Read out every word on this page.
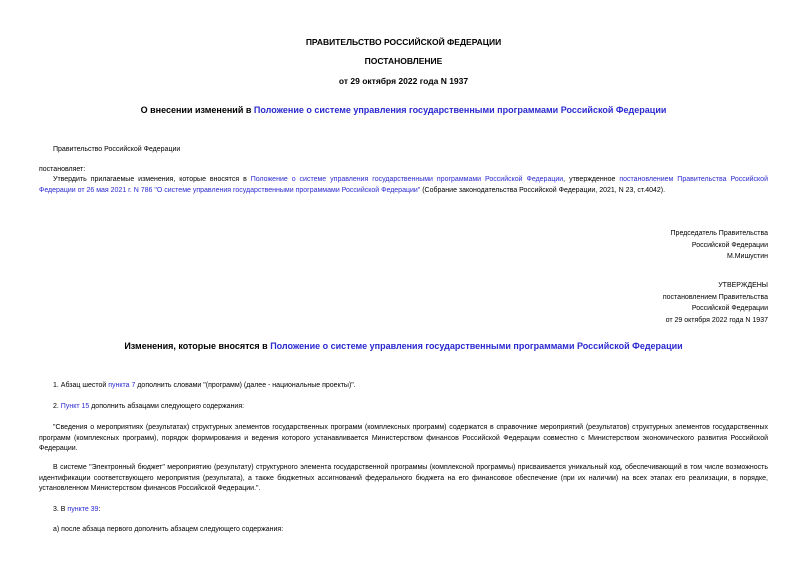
ПРАВИТЕЛЬСТВО РОССИЙСКОЙ ФЕДЕРАЦИИ
ПОСТАНОВЛЕНИЕ
от 29 октября 2022 года N 1937
О внесении изменений в Положение о системе управления государственными программами Российской Федерации
Правительство Российской Федерации
постановляет:
Утвердить прилагаемые изменения, которые вносятся в Положение о системе управления государственными программами Российской Федерации, утвержденное постановлением Правительства Российской Федерации от 26 мая 2021 г. N 786 "О системе управления государственными программами Российской Федерации" (Собрание законодательства Российской Федерации, 2021, N 23, ст.4042).
Председатель Правительства
Российской Федерации
М.Мишустин
УТВЕРЖДЕНЫ
постановлением Правительства
Российской Федерации
от 29 октября 2022 года N 1937
Изменения, которые вносятся в Положение о системе управления государственными программами Российской Федерации
1. Абзац шестой пункта 7 дополнить словами "(программ) (далее - национальные проекты)".
2. Пункт 15 дополнить абзацами следующего содержания:
"Сведения о мероприятиях (результатах) структурных элементов государственных программ (комплексных программ) содержатся в справочнике мероприятий (результатов) структурных элементов государственных программ (комплексных программ), порядок формирования и ведения которого устанавливается Министерством финансов Российской Федерации совместно с Министерством экономического развития Российской Федерации.
В системе "Электронный бюджет" мероприятию (результату) структурного элемента государственной программы (комплексной программы) присваивается уникальный код, обеспечивающий в том числе возможность идентификации соответствующего мероприятия (результата), а также бюджетных ассигнований федерального бюджета на его финансовое обеспечение (при их наличии) на всех этапах его реализации, в порядке, установленном Министерством финансов Российской Федерации.".
3. В пункте 39:
а) после абзаца первого дополнить абзацем следующего содержания:
